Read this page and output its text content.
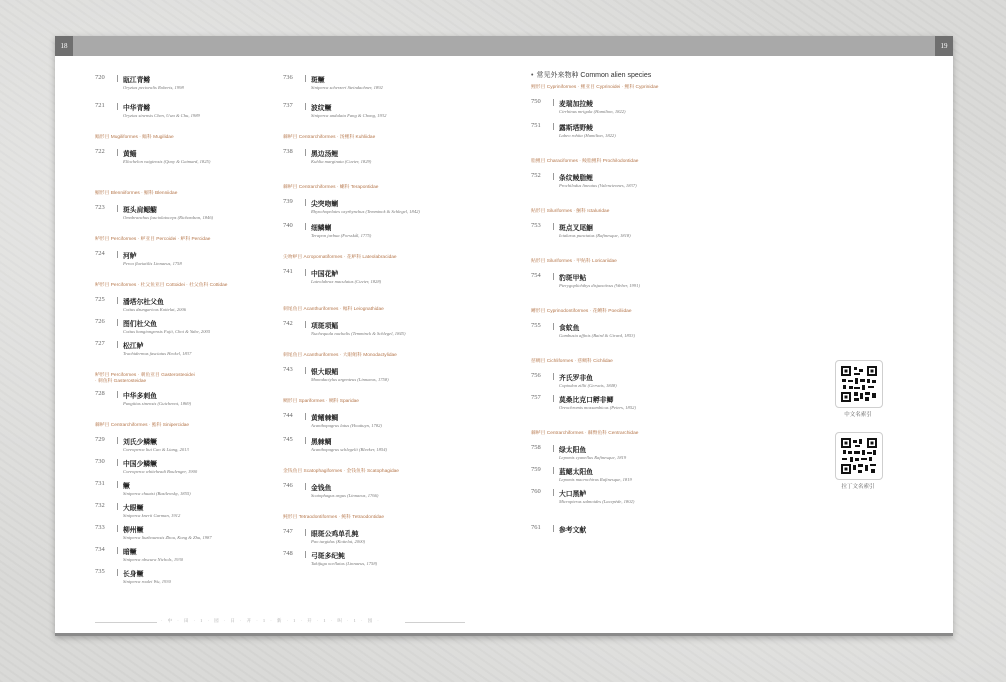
18	19
720	瓯江青鳉
Oryzias pectoralis Roberts, 1998
721	中华青鳉
Oryzias sinensis Chen, Uwa & Chu, 1989
鲻形目 Mugiliformes · 鲻科 Mugilidae
722	黄鲻
Ellochelon vaigiensis (Quoy & Gaimard, 1825)
鳚形目 Blenniiformes · 鳚科 Blenniidae
723	斑头肩鳃鳚
Omobranchus fasciolatoceps (Richardson, 1846)
鲈形目 Perciformes · 鲈亚目 Percoidei · 鲈科 Percidae
724	河鲈
Perca fluviatilis Linnaeus, 1758
鲈形目 Perciformes · 杜父鱼亚目 Cottoidei · 杜父鱼科 Cottidae
725	潘塔尔杜父鱼
Cottus dzungaricus Kottelat, 2006
726	图们杜父鱼
Cottus hangiongensis Fujii, Choi & Yabe, 2005
727	松江鲈
Trachidermus fasciatus Heckel, 1837
鲈形目 Perciformes · 刺鱼亚目 Gasterosteoidei
· 刺鱼科 Gasterosteidae
728	中华多刺鱼
Pungitius sinensis (Guichenot, 1869)
棘鲈目 Centrarchiformes · 鮨科 Sinipercidae
729	刘氏少鳞鳜
Coreoperca liui Cao & Liang, 2013
730	中国少鳞鳜
Coreoperca whiteheadi Boulenger, 1900
731	鳜
Siniperca chuatsi (Basilewsky, 1855)
732	大眼鳜
Siniperca knerii Garman, 1912
733	柳州鳜
Siniperca liuzhouensis Zhou, Kong & Zhu, 1987
734	暗鳜
Siniperca obscura Nichols, 1930
735	长身鳜
Siniperca roulei Wu, 1930
736	斑鳜
Siniperca scherzeri Steindachner, 1892
737	波纹鳜
Siniperca undulata Fang & Chong, 1932
棘鲈目 Centrarchiformes · 汤鲤科 Kuhliidae
738	黑边汤鲤
Kuhlia marginata (Cuvier, 1829)
棘鲈目 Centrarchiformes · 蝲科 Terapontidae
739	尖突吻蝲
Rhynchopelates oxyrhynchus (Temminck & Schlegel, 1842)
740	细鳞蝲
Terapon jarbua (Forsskål, 1775)
尖吻鲈目 Acropomatiformes · 花鲈科 Lateolabracidae
741	中国花鲈
Lateolabrax maculatus (Cuvier, 1828)
刺尾鱼目 Acanthuriformes · 鲾科 Leiognathidae
742	项斑项鲾
Nuchequula nuchalis (Temminck & Schlegel, 1845)
刺尾鱼目 Acanthuriformes · 大眼鲳科 Monodactylidae
743	银大眼鲳
Monodactylus argenteus (Linnaeus, 1758)
鲷形目 Spariformes · 鲷科 Sparidae
744	黄鳍棘鲷
Acanthopagrus latus (Houttuyn, 1782)
745	黑棘鲷
Acanthopagrus schlegelii (Bleeker, 1854)
金钱鱼目 Scatophagiformes · 金钱鱼科 Scatophagidae
746	金钱鱼
Scatophagus argus (Linnaeus, 1766)
鲀形目 Tetraodontiformes · 鲀科 Tetraodontidae
747	眼斑公鸡单孔鲀
Pao turgidus (Kottelat, 2000)
748	弓斑多纪鲀
Takifugu ocellatus (Linnaeus, 1758)
• 常见外来物种 Common alien species
鲤形目 Cypriniformes · 鲤亚目 Cyprinoidei · 鲤科 Cyprinidae
750	麦瑞加拉鲮
Cirrhinus mrigala (Hamilton, 1822)
751	露斯塔野鲮
Labeo rohita (Hamilton, 1822)
脂鲤目 Characiformes · 鲮脂鲤科 Prochilodontidae
752	条纹鲮脂鲤
Prochilodus lineatus (Valenciennes, 1837)
鲇形目 Siluriformes · 鮰科 Ictaluridae
753	斑点叉尾鮰
Ictalurus punctatus (Rafinesque, 1818)
鲇形目 Siluriformes · 甲鲇科 Loricariidae
754	豹斑甲鲇
Pterygoplichthys disjunctivus (Weber, 1991)
鳉形目 Cyprinodontiformes · 花鳉科 Poeciliidae
755	食蚊鱼
Gambusia affinis (Baird & Girard, 1853)
慈鲷目 Cichliformes · 慈鲷科 Cichlidae
756	齐氏罗非鱼
Coptodon zillii (Gervais, 1848)
757	莫桑比克口孵非鲫
Oreochromis mossambicus (Peters, 1852)
棘鲈目 Centrarchiformes · 棘臀鱼科 Centrarchidae
758	绿太阳鱼
Lepomis cyanellus Rafinesque, 1819
759	蓝鳃太阳鱼
Lepomis macrochirus Rafinesque, 1819
760	大口黑鲈
Micropterus salmoides (Lacepède, 1802)
761	参考文献
中文名索引
拉丁文名索引
· 中 · 田 · 1 · 园 · 日 · 开 · 1 · 新 · 1 · 开 · 1 · 叫 · 1 · 园 ·
